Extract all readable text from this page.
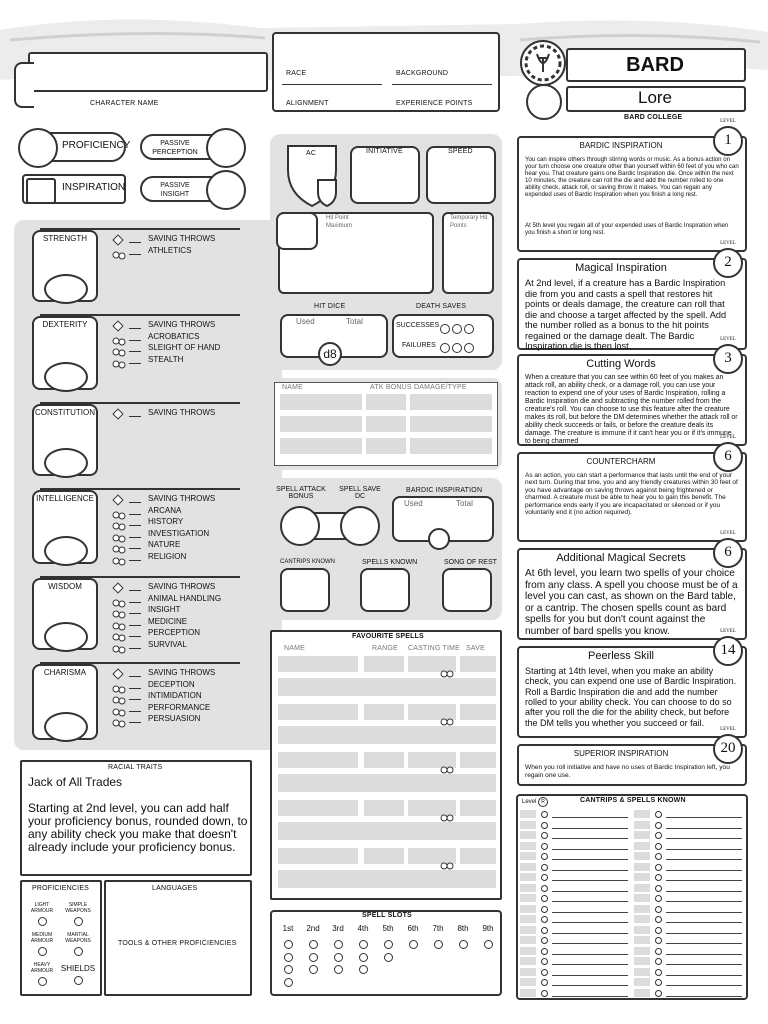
CHARACTER NAME
RACE	BACKGROUND
ALIGNMENT	EXPERIENCE POINTS
BARD
Lore
BARD COLLEGE
PROFICIENCY	PASSIVE PERCEPTION
INSPIRATION	PASSIVE INSIGHT
STRENGTH	SAVING THROWS
ATHLETICS
DEXTERITY	SAVING THROWS
ACROBATICS
SLEIGHT OF HAND
STEALTH
CONSTITUTION	SAVING THROWS
INTELLIGENCE	SAVING THROWS
ARCANA
HISTORY
INVESTIGATION
NATURE
RELIGION
WISDOM	SAVING THROWS
ANIMAL HANDLING
INSIGHT
MEDICINE
PERCEPTION
SURVIVAL
CHARISMA	SAVING THROWS
DECEPTION
INTIMIDATION
PERFORMANCE
PERSUASION
RACIAL TRAITS
Jack of All Trades
Starting at 2nd level, you can add half your proficiency bonus, rounded down, to any ability check you make that doesn't already include your proficiency bonus.
PROFICIENCIES
LIGHT ARMOUR
SIMPLE WEAPONS
MEDIUM ARMOUR
MARTIAL WEAPONS
HEAVY ARMOUR SHIELDS
LANGUAGES
TOOLS & OTHER PROFICIENCIES
AC	INITIATIVE	SPEED
Hit Point Maximum
Temporary Hit Points
HIT DICE
Used	Total
d8
DEATH SAVES
SUCCESSES
FAILURES
NAME	ATK BONUS DAMAGE/TYPE
SPELL ATTACK BONUS
SPELL SAVE DC
BARDIC INSPIRATION
Used	Total
CANTRIPS KNOWN	SPELLS KNOWN	SONG OF REST
FAVOURITE SPELLS
NAME	RANGE CASTING TIME SAVE
SPELL SLOTS
1st	2nd 3rd	4th	5th	6th	7th	8th	9th
BARDIC INSPIRATION
LEVEL
1
You can inspire others through stirring words or music. As a bonus action on your turn choose one creature other than yourself within 60 feet of you who can hear you. That creature gains one Bardic Inspiration die. Once within the next 10 minutes, the creature can roll the die and add the number rolled to one ability check, attack roll, or saving throw it makes. You can regain any expended uses of Bardic Inspiration when you finish a long rest.
At 5th level you regain all of your expended uses of Bardic Inspiration when you finish a short or long rest.
Magical Inspiration
LEVEL
2
At 2nd level, if a creature has a Bardic Inspiration die from you and casts a spell that restores hit points or deals damage, the creature can roll that die and choose a target affected by the spell. Add the number rolled as a bonus to the hit points regained or the damage dealt. The Bardic Inspiration die is then lost.
Cutting Words
LEVEL
3
When a creature that you can see within 60 feet of you makes an attack roll, an ability check, or a damage roll, you can use your reaction to expend one of your uses of Bardic Inspiration, rolling a Bardic Inspiration die and subtracting the number rolled from the creature's roll. You can choose to use this feature after the creature makes its roll, but before the DM determines whether the attack roll or ability check succeeds or fails, or before the creature deals its damage. The creature is immune if it can't hear you or if it's immune to being charmed
COUNTERCHARM
LEVEL
6
As an action, you can start a performance that lasts until the end of your next turn. During that time, you and any friendly creatures within 30 feet of you have advantage on saving throws against being frightened or charmed. A creature must be able to hear you to gain this benefit. The performance ends early if you are incapacitated or silenced or if you voluntarily end it (no action required).
Additional Magical Secrets
LEVEL
6
At 6th level, you learn two spells of your choice from any class. A spell you choose must be of a level you can cast, as shown on the Bard table, or a cantrip. The chosen spells count as bard spells for you but don't count against the number of bard spells you know.
Peerless Skill
LEVEL
14
Starting at 14th level, when you make an ability check, you can expend one use of Bardic Inspiration. Roll a Bardic Inspiration die and add the number rolled to your ability check. You can choose to do so after you roll the die for the ability check, but before the DM tells you whether you succeed or fail.
SUPERIOR INSPIRATION
LEVEL
20
When you roll initiative and have no uses of Bardic Inspiration left, you regain one use.
CANTRIPS & SPELLS KNOWN
Level R
